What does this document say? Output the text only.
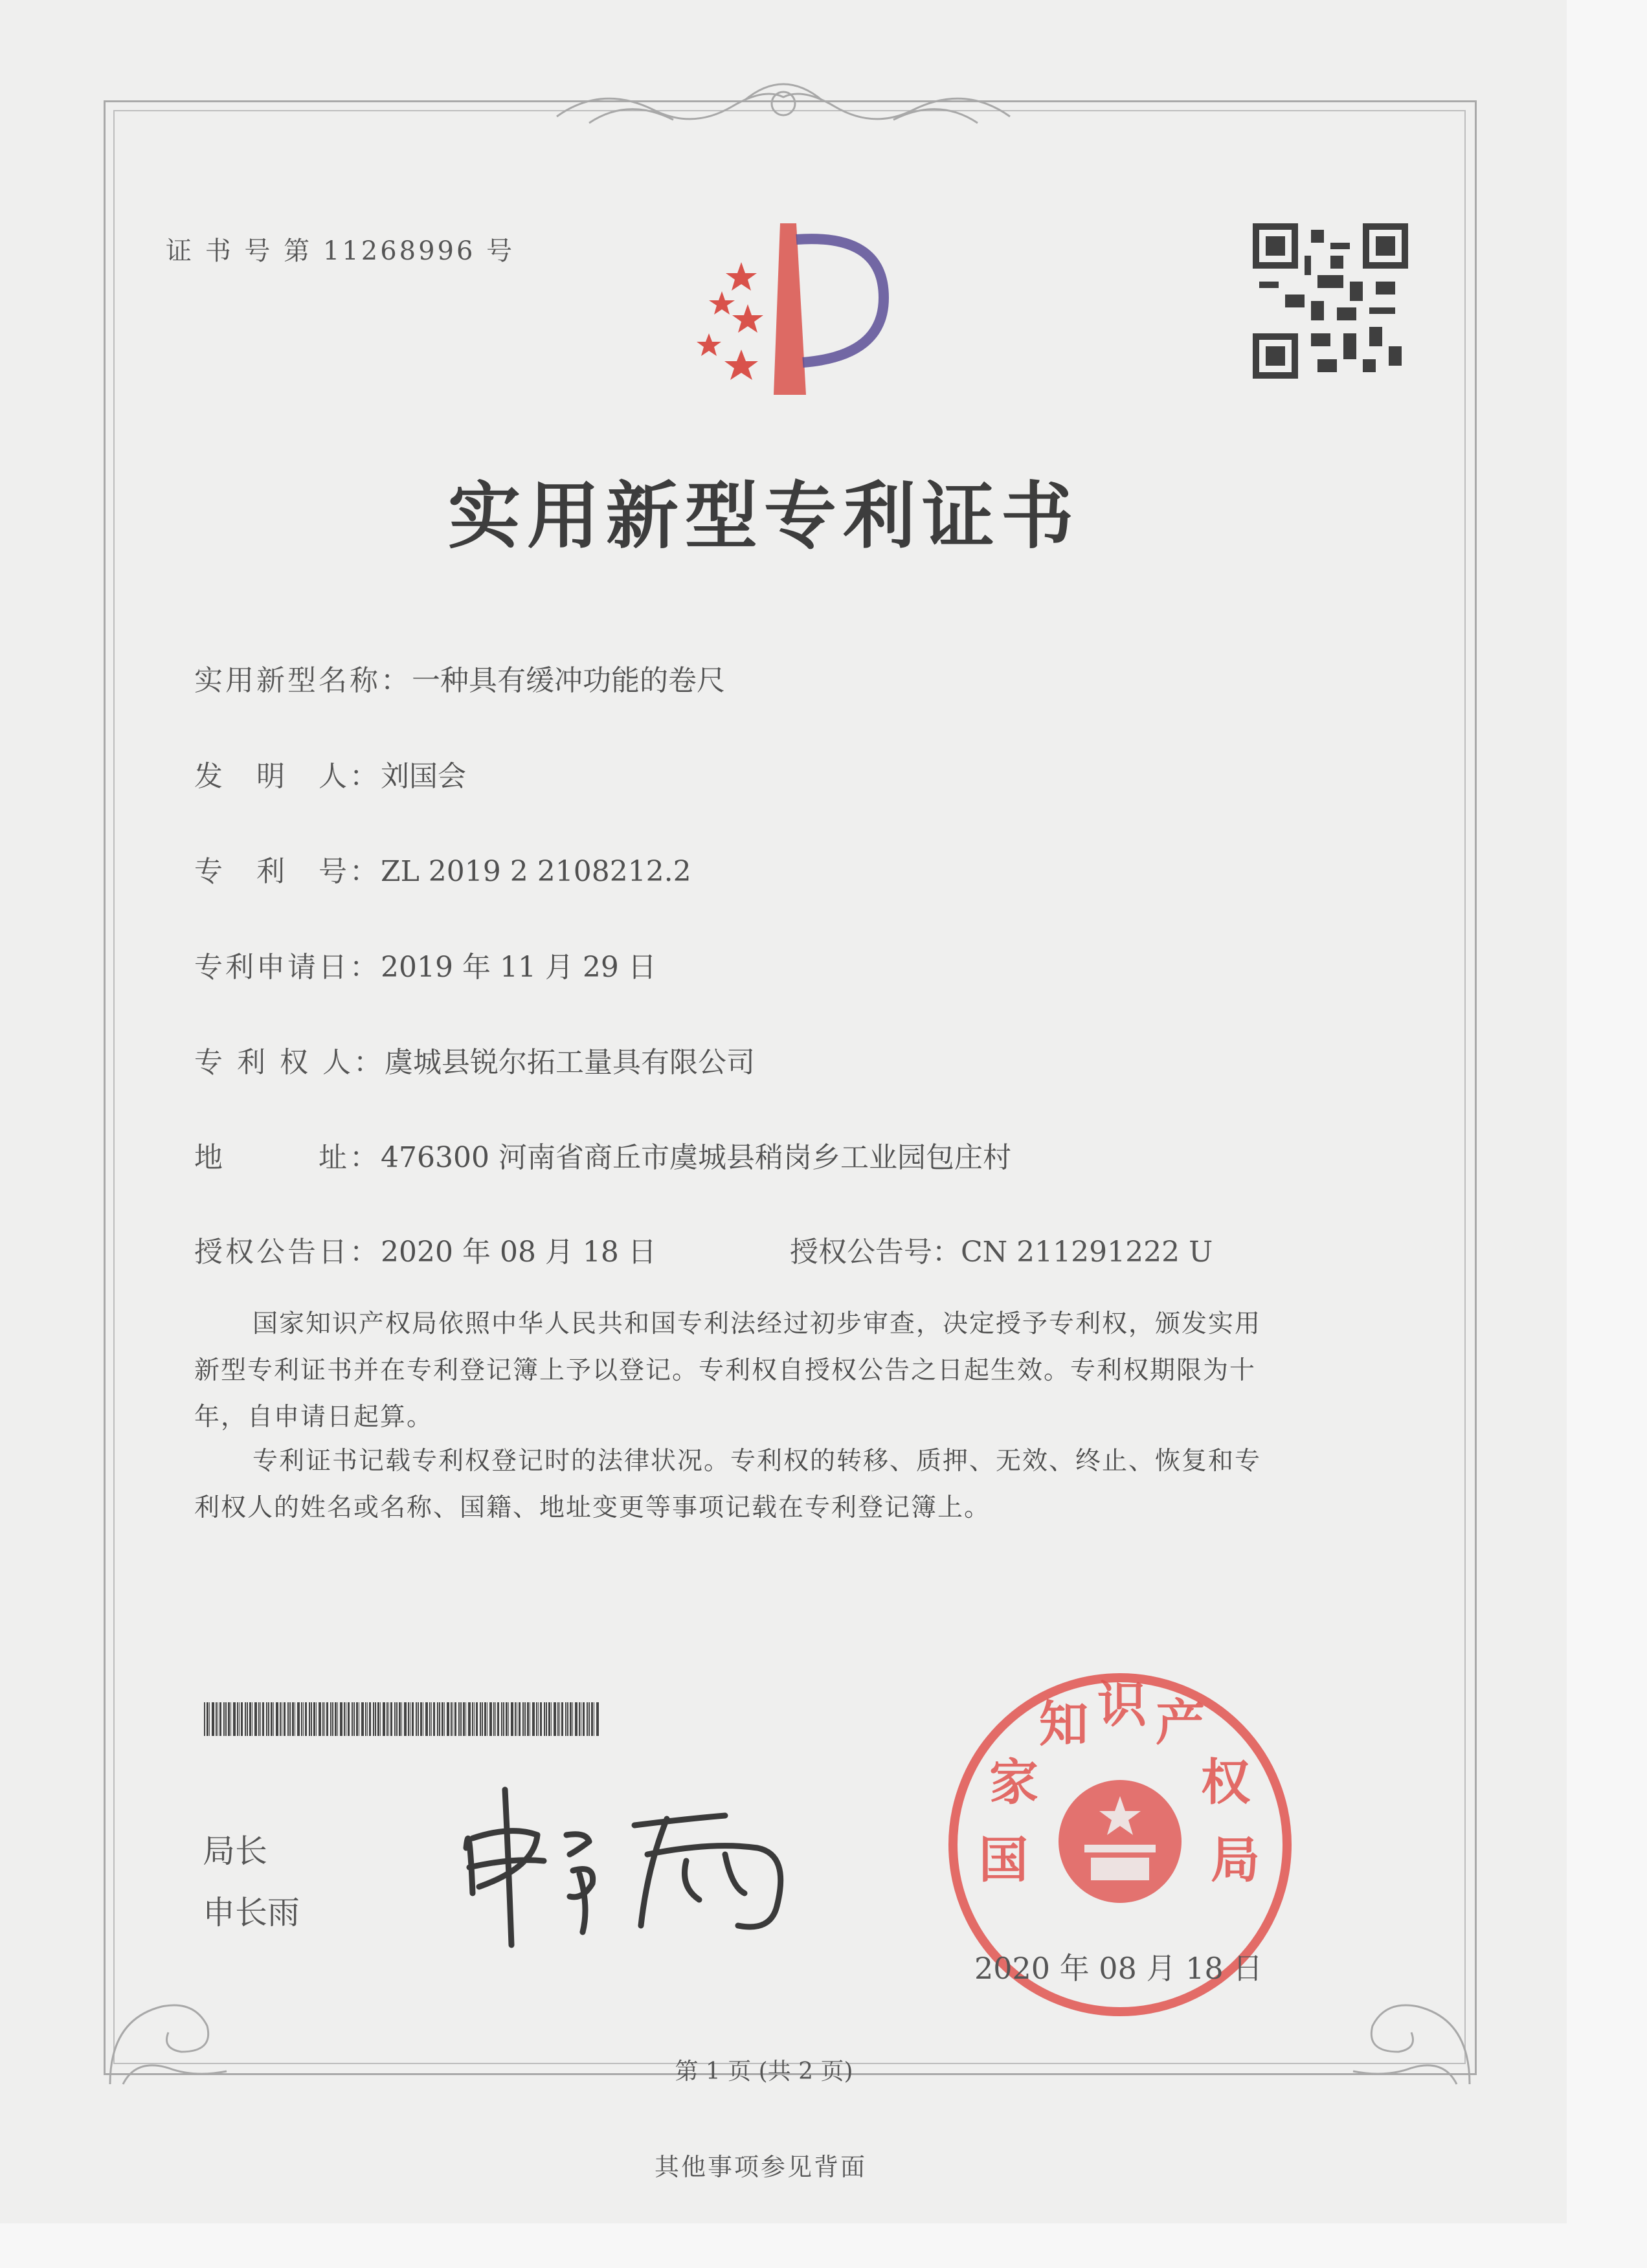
证 书 号 第 11268996 号
实用新型专利证书
实用新型名称：一种具有缓冲功能的卷尺
发　明　人：刘国会
专　利　号：ZL 2019 2 2108212.2
专利申请日：2019 年 11 月 29 日
专 利 权 人：虞城县锐尔拓工量具有限公司
地　　　址：476300 河南省商丘市虞城县稍岗乡工业园包庄村
授权公告日：2020 年 08 月 18 日	授权公告号：CN 211291222 U
国家知识产权局依照中华人民共和国专利法经过初步审查，决定授予专利权，颁发实用
新型专利证书并在专利登记簿上予以登记。专利权自授权公告之日起生效。专利权期限为十
年，自申请日起算。
专利证书记载专利权登记时的法律状况。专利权的转移、质押、无效、终止、恢复和专
利权人的姓名或名称、国籍、地址变更等事项记载在专利登记簿上。
局长
申长雨
国
家
知 识 产
权
局
2020 年 08 月 18 日
第 1 页 (共 2 页)
其他事项参见背面
